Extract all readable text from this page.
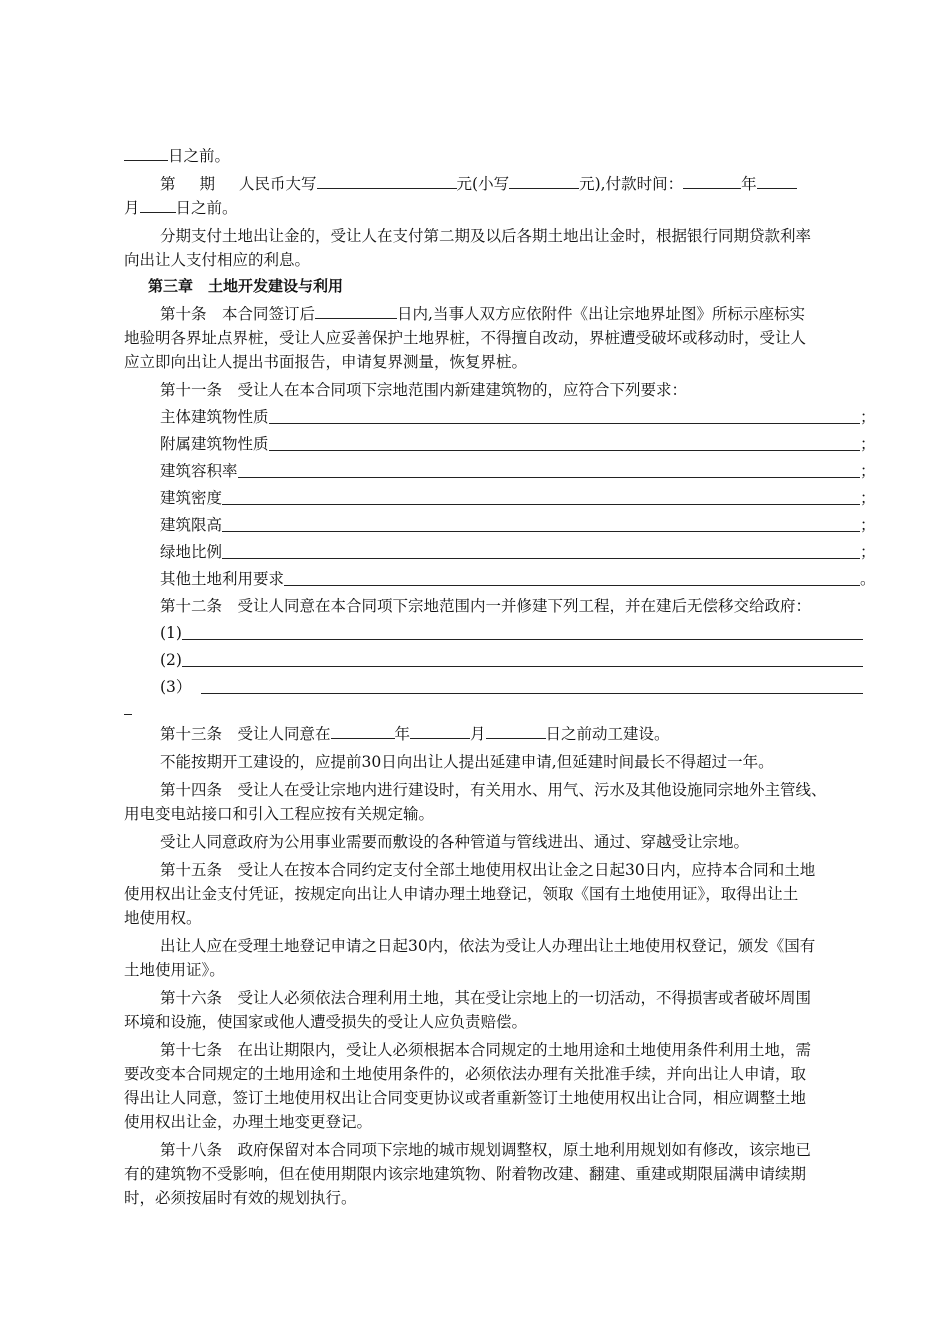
日之前。
第 期 人民币大写	元(小写	元),付款时间：	年
月 日之前。
分期支付土地出让金的，受让人在支付第二期及以后各期土地出让金时，根据银行同期贷款利率
向出让人支付相应的利息。
第三章　土地开发建设与利用
第十条　本合同签订后	日内,当事人双方应依附件《出让宗地界址图》所标示座标实
地验明各界址点界桩，受让人应妥善保护土地界桩，不得擅自改动，界桩遭受破坏或移动时，受让人
应立即向出让人提出书面报告，申请复界测量，恢复界桩。
第十一条　受让人在本合同项下宗地范围内新建建筑物的，应符合下列要求：
主体建筑物性质	；
附属建筑物性质	；
建筑容积率	；
建筑密度	；
建筑限高	；
绿地比例	；
其他土地利用要求	。
第十二条　受让人同意在本合同项下宗地范围内一并修建下列工程，并在建后无偿移交给政府：
(1)
(2)
(3）
第十三条　受让人同意在	年	月	日之前动工建设。
不能按期开工建设的，应提前30日向出让人提出延建申请,但延建时间最长不得超过一年。
第十四条　受让人在受让宗地内进行建设时，有关用水、用气、污水及其他设施同宗地外主管线、
用电变电站接口和引入工程应按有关规定输。
受让人同意政府为公用事业需要而敷设的各种管道与管线进出、通过、穿越受让宗地。
第十五条　受让人在按本合同约定支付全部土地使用权出让金之日起30日内，应持本合同和土地
使用权出让金支付凭证，按规定向出让人申请办理土地登记，领取《国有土地使用证》，取得出让土
地使用权。
出让人应在受理土地登记申请之日起30内，依法为受让人办理出让土地使用权登记，颁发《国有
土地使用证》。
第十六条　受让人必须依法合理利用土地，其在受让宗地上的一切活动，不得损害或者破坏周围
环境和设施，使国家或他人遭受损失的受让人应负责赔偿。
第十七条　在出让期限内，受让人必须根据本合同规定的土地用途和土地使用条件利用土地，需
要改变本合同规定的土地用途和土地使用条件的，必须依法办理有关批准手续，并向出让人申请，取
得出让人同意，签订土地使用权出让合同变更协议或者重新签订土地使用权出让合同，相应调整土地
使用权出让金，办理土地变更登记。
第十八条　政府保留对本合同项下宗地的城市规划调整权，原土地利用规划如有修改，该宗地已
有的建筑物不受影响，但在使用期限内该宗地建筑物、附着物改建、翻建、重建或期限届满申请续期
时，必须按届时有效的规划执行。
